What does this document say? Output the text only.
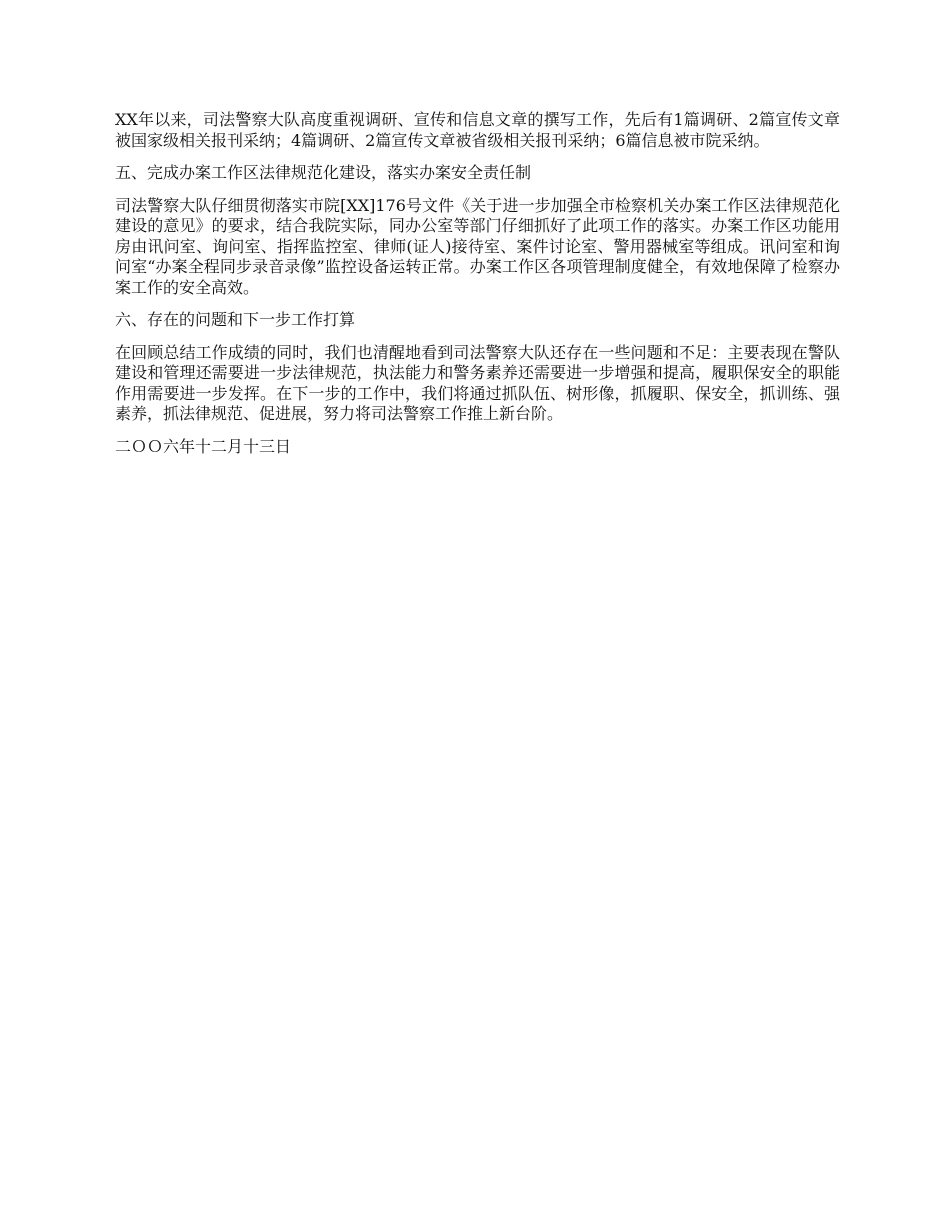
XX年以来，司法警察大队高度重视调研、宣传和信息文章的撰写工作，先后有1篇调研、2篇宣传文章被国家级相关报刊采纳；4篇调研、2篇宣传文章被省级相关报刊采纳；6篇信息被市院采纳。

五、完成办案工作区法律规范化建设，落实办案安全责任制

司法警察大队仔细贯彻落实市院[XX]176号文件《关于进一步加强全市检察机关办案工作区法律规范化建设的意见》的要求，结合我院实际，同办公室等部门仔细抓好了此项工作的落实。办案工作区功能用房由讯问室、询问室、指挥监控室、律师(证人)接待室、案件讨论室、警用器械室等组成。讯问室和询问室“办案全程同步录音录像”监控设备运转正常。办案工作区各项管理制度健全，有效地保障了检察办案工作的安全高效。

六、存在的问题和下一步工作打算

在回顾总结工作成绩的同时，我们也清醒地看到司法警察大队还存在一些问题和不足：主要表现在警队建设和管理还需要进一步法律规范，执法能力和警务素养还需要进一步增强和提高，履职保安全的职能作用需要进一步发挥。在下一步的工作中，我们将通过抓队伍、树形像，抓履职、保安全，抓训练、强素养，抓法律规范、促进展，努力将司法警察工作推上新台阶。

二ＯＯ六年十二月十三日
